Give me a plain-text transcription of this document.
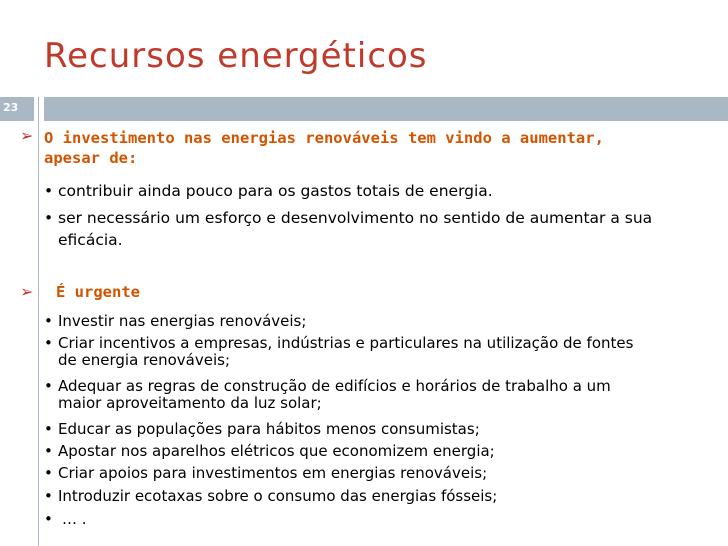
Recursos energéticos
23
➢ O investimento nas energias renováveis tem vindo a aumentar,
apesar de:
• contribuir ainda pouco para os gastos totais de energia.
• ser necessário um esforço e desenvolvimento no sentido de aumentar a sua
eficácia.
➢ É urgente
• Investir nas energias renováveis;
• Criar incentivos a empresas, indústrias e particulares na utilização de fontes
de energia renováveis;
• Adequar as regras de construção de edifícios e horários de trabalho a um
maior aproveitamento da luz solar;
• Educar as populações para hábitos menos consumistas;
• Apostar nos aparelhos elétricos que economizem energia;
• Criar apoios para investimentos em energias renováveis;
• Introduzir ecotaxas sobre o consumo das energias fósseis;
• … .
